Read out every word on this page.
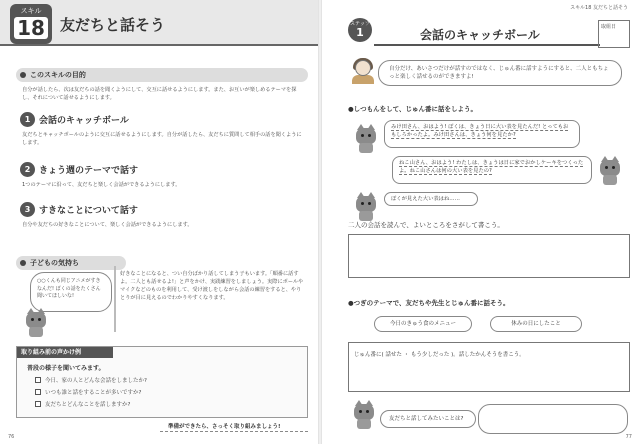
スキル
18 友だちと話そう
このスキルの目的
自分が話したら、次は友だちの話を聞くようにして、交互に話せるようにします。また、お互いが楽しめるテーマを探し、それについて話せるようにします。
1 会話のキャッチボール
友だちとキャッチボールのように交互に話せるようにします。自分が話したら、友だちに質問して相手の話を聞くようにします。
2 きょう週のテーマで話す
1つのテーマに沿って、友だちと楽しく会話ができるようにします。
3 すきなことについて話す
自分や友だちの好きなことについて、楽しく会話ができるようにします。
子どもの気持ち
○○くんも同じアニメがすきなんだ! ぼくの話をたくさん聞いてほしいな!
好きなことになると、つい自分ばかり話してしまう子もいます。「順番に話すよ。二人とも話せるよ!」と声をかけ、実践練習をしましょう。実際にボールやマイクなどのものを利用して、受け渡しをしながら会話の練習をすると、やりとりが目に見えるのでわかりやすくなります。
取り組み前の声かけ例
普段の様子を聞いてみます。
今日、家の人とどんな会話をしましたか?
いつも誰と話をすることが多いですか?
友だちとどんなことを話しますか?
準備ができたら、さっそく取り組みましょう!
76
スキル18 友だちと話そう
ステップ
1	会話のキャッチボール
取組日
自分だけ、あいさつだけが話すのではなく、じゅん番に話すようにすると、二人ともちょっと楽しく話せるのができますよ!
●しつもんをして、じゅん番に話をしよう。
みけ田さん、おはよう! ぼくは、きょう日に大い表を見たんだ! とってもおもしろかったよ。みけ田さんは、きょう何を見たか?
ねこ山さん、おはよう! わたしは、きょうは日に家でおかしケーキをつくったよ。ねこ山さんは何の大い表を見たの?
ぼくが見えた大い表はね……
二人の会話を読んで、よいところをさがして書こう。
●つぎのテーマで、友だちや先生とじゅん番に話そう。
今日のきゅう食のメニュー	休みの日にしたこと
じゅん番に( 話せた ・ もう少しだった )。話したかんそうを書こう。
友だちと話してみたいことは?
77
